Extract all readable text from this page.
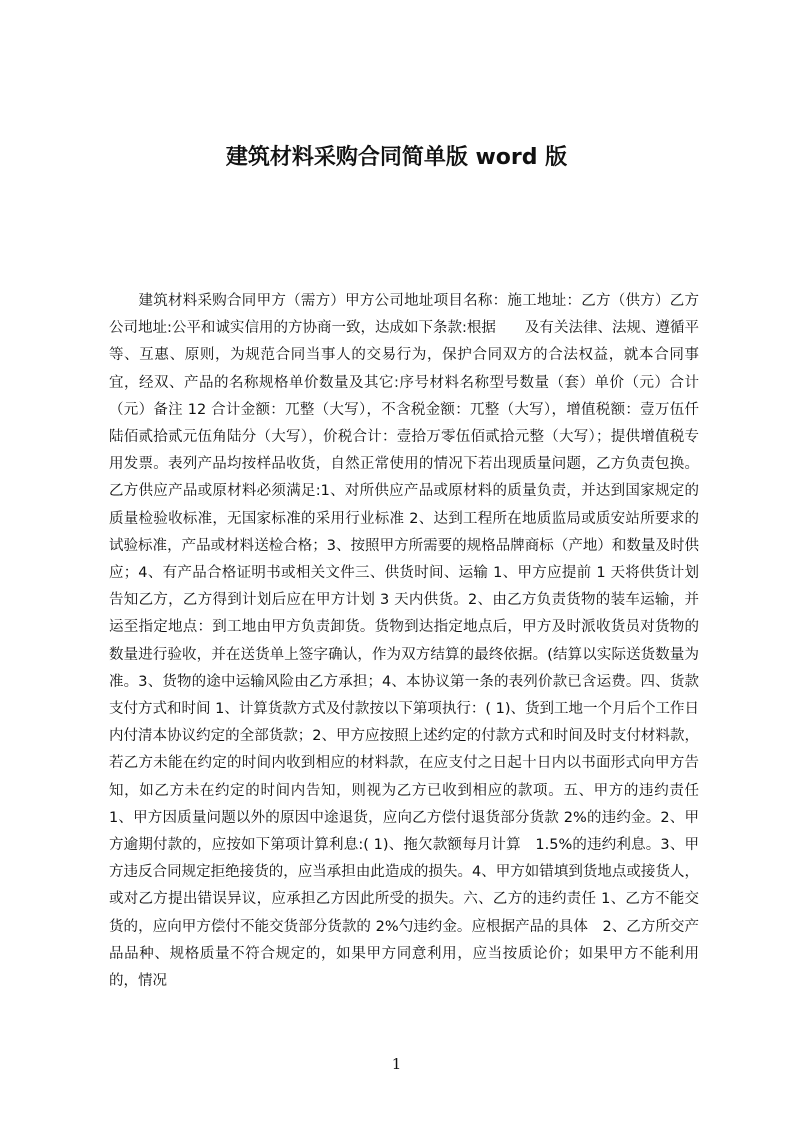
建筑材料采购合同简单版 word 版

　　建筑材料采购合同甲方（需方）甲方公司地址项目名称：施工地址：乙方（供方）乙方公司地址:公平和诚实信用的方协商一致，达成如下条款:根据　　及有关法律、法规、遵循平等、互惠、原则，为规范合同当事人的交易行为，保护合同双方的合法权益，就本合同事宜，经双、产品的名称规格单价数量及其它:序号材料名称型号数量（套）单价（元）合计（元）备注 12 合计金额：兀整（大写），不含税金额：兀整（大写），增值税额：壹万伍仟陆佰贰拾贰元伍角陆分（大写），价税合计：壹拾万零伍佰贰拾元整（大写）；提供增值税专用发票。表列产品均按样品收货，自然正常使用的情况下若出现质量问题，乙方负责包换。乙方供应产品或原材料必须满足:1、对所供应产品或原材料的质量负责，并达到国家规定的质量检验收标准，无国家标准的采用行业标准 2、达到工程所在地质监局或质安站所要求的试验标准，产品或材料送检合格；3、按照甲方所需要的规格品牌商标（产地）和数量及时供应；4、有产品合格证明书或相关文件三、供货时间、运输 1、甲方应提前 1 天将供货计划告知乙方，乙方得到计划后应在甲方计划 3 天内供货。2、由乙方负责货物的装车运输，并运至指定地点：到工地由甲方负责卸货。货物到达指定地点后，甲方及时派收货员对货物的数量进行验收，并在送货单上签字确认，作为双方结算的最终依据。(结算以实际送货数量为准。3、货物的途中运输风险由乙方承担；4、本协议第一条的表列价款已含运费。四、货款支付方式和时间 1、计算货款方式及付款按以下第项执行：( 1)、货到工地一个月后个工作日内付清本协议约定的全部货款；2、甲方应按照上述约定的付款方式和时间及时支付材料款，若乙方未能在约定的时间内收到相应的材料款，在应支付之日起十日内以书面形式向甲方告知，如乙方未在约定的时间内告知，则视为乙方已收到相应的款项。五、甲方的违约责任 1、甲方因质量问题以外的原因中途退货，应向乙方偿付退货部分货款 2%的违约金。2、甲方逾期付款的，应按如下第项计算利息:( 1)、拖欠款额每月计算　1.5%的违约利息。3、甲方违反合同规定拒绝接货的，应当承担由此造成的损失。4、甲方如错填到货地点或接货人，或对乙方提出错误异议，应承担乙方因此所受的损失。六、乙方的违约责任 1、乙方不能交货的，应向甲方偿付不能交货部分货款的 2%勺违约金。应根据产品的具体　2、乙方所交产品品种、规格质量不符合规定的，如果甲方同意利用，应当按质论价；如果甲方不能利用的，情况

1
